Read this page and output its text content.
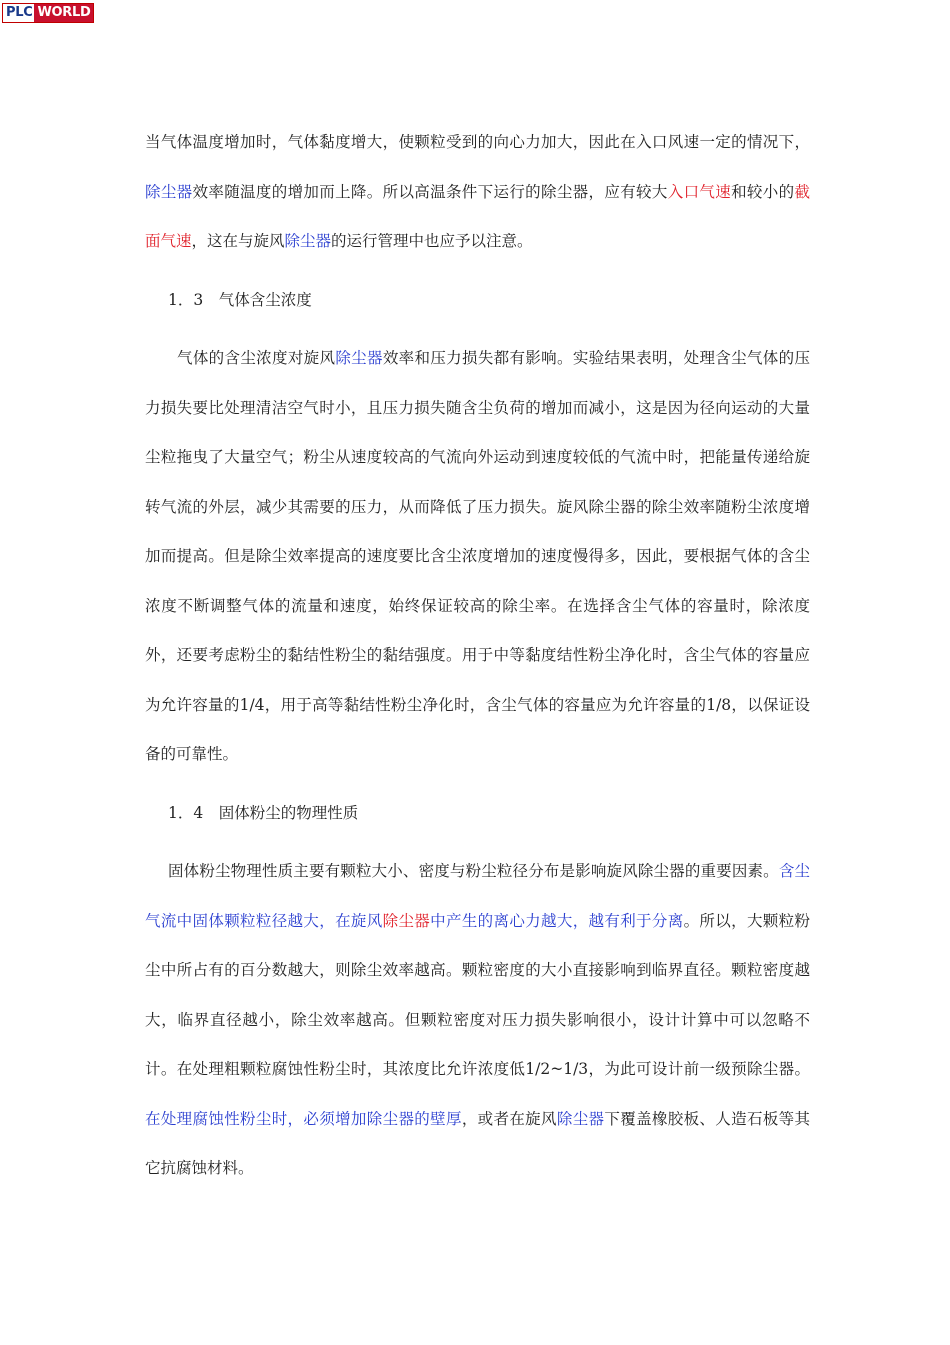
PLC WORLD

当气体温度增加时，气体黏度增大，使颗粒受到的向心力加大，因此在入口风速一定的情况下，除尘器效率随温度的增加而上降。所以高温条件下运行的除尘器，应有较大入口气速和较小的截面气速，这在与旋风除尘器的运行管理中也应予以注意。

1．3　气体含尘浓度

气体的含尘浓度对旋风除尘器效率和压力损失都有影响。实验结果表明，处理含尘气体的压力损失要比处理清洁空气时小，且压力损失随含尘负荷的增加而减小，这是因为径向运动的大量尘粒拖曳了大量空气；粉尘从速度较高的气流向外运动到速度较低的气流中时，把能量传递给旋转气流的外层，减少其需要的压力，从而降低了压力损失。旋风除尘器的除尘效率随粉尘浓度增加而提高。但是除尘效率提高的速度要比含尘浓度增加的速度慢得多，因此，要根据气体的含尘浓度不断调整气体的流量和速度，始终保证较高的除尘率。在选择含尘气体的容量时，除浓度外，还要考虑粉尘的黏结性粉尘的黏结强度。用于中等黏度结性粉尘净化时，含尘气体的容量应为允许容量的1/4，用于高等黏结性粉尘净化时，含尘气体的容量应为允许容量的1/8，以保证设备的可靠性。

1．4　固体粉尘的物理性质

固体粉尘物理性质主要有颗粒大小、密度与粉尘粒径分布是影响旋风除尘器的重要因素。含尘气流中固体颗粒粒径越大，在旋风除尘器中产生的离心力越大，越有利于分离。所以，大颗粒粉尘中所占有的百分数越大，则除尘效率越高。颗粒密度的大小直接影响到临界直径。颗粒密度越大，临界直径越小，除尘效率越高。但颗粒密度对压力损失影响很小，设计计算中可以忽略不计。在处理粗颗粒腐蚀性粉尘时，其浓度比允许浓度低1/2~1/3，为此可设计前一级预除尘器。在处理腐蚀性粉尘时，必须增加除尘器的壁厚，或者在旋风除尘器下覆盖橡胶板、人造石板等其它抗腐蚀材料。
